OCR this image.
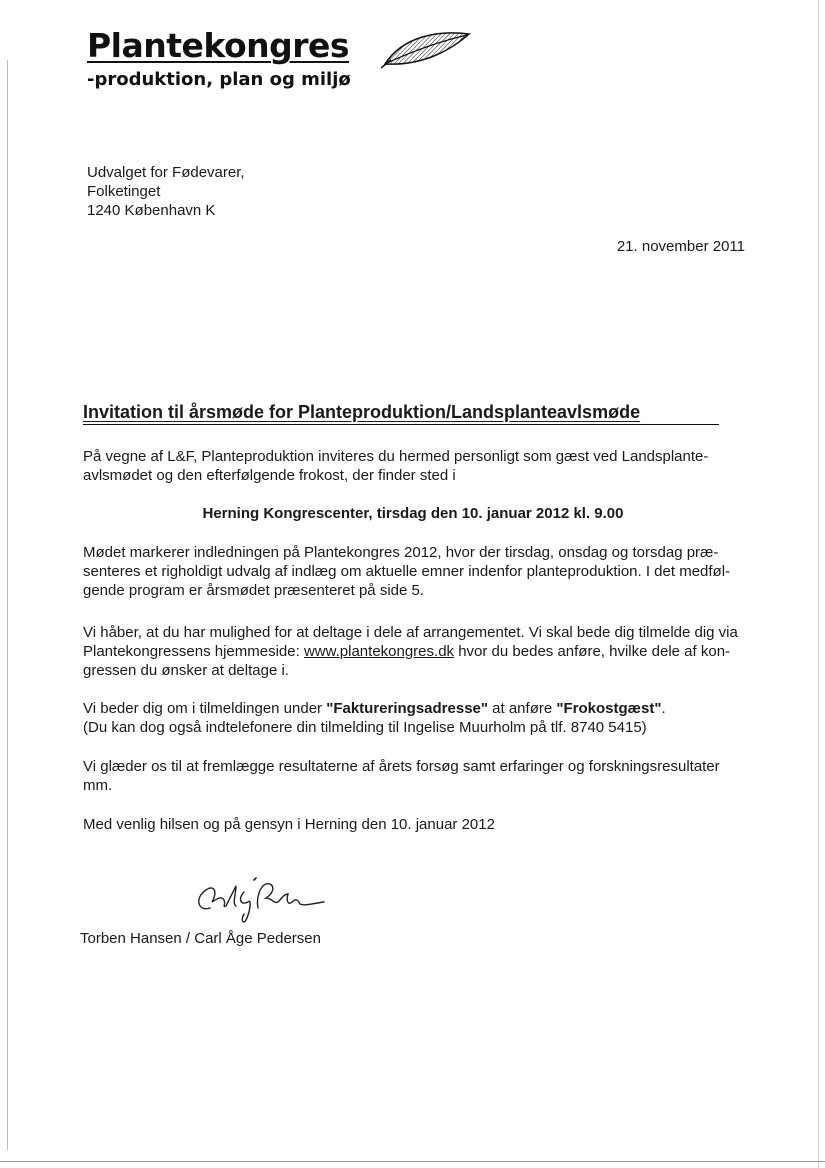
Plantekongres
-produktion, plan og miljø
Udvalget for Fødevarer,
Folketinget
1240 København K
21. november 2011
Invitation til årsmøde for Planteproduktion/Landsplanteavlsmøde

På vegne af L&F, Planteproduktion inviteres du hermed personligt som gæst ved Landsplante-
avlsmødet og den efterfølgende frokost, der finder sted i

Herning Kongrescenter, tirsdag den 10. januar 2012 kl. 9.00

Mødet markerer indledningen på Plantekongres 2012, hvor der tirsdag, onsdag og torsdag præ-
senteres et righoldigt udvalg af indlæg om aktuelle emner indenfor planteproduktion. I det medføl-
gende program er årsmødet præsenteret på side 5.

Vi håber, at du har mulighed for at deltage i dele af arrangementet. Vi skal bede dig tilmelde dig via
Plantekongressens hjemmeside: www.plantekongres.dk hvor du bedes anføre, hvilke dele af kon-
gressen du ønsker at deltage i.

Vi beder dig om i tilmeldingen under "Faktureringsadresse" at anføre "Frokostgæst".
(Du kan dog også indtelefonere din tilmelding til Ingelise Muurholm på tlf. 8740 5415)

Vi glæder os til at fremlægge resultaterne af årets forsøg samt erfaringer og forskningsresultater
mm.

Med venlig hilsen og på gensyn i Herning den 10. januar 2012

Torben Hansen / Carl Åge Pedersen
